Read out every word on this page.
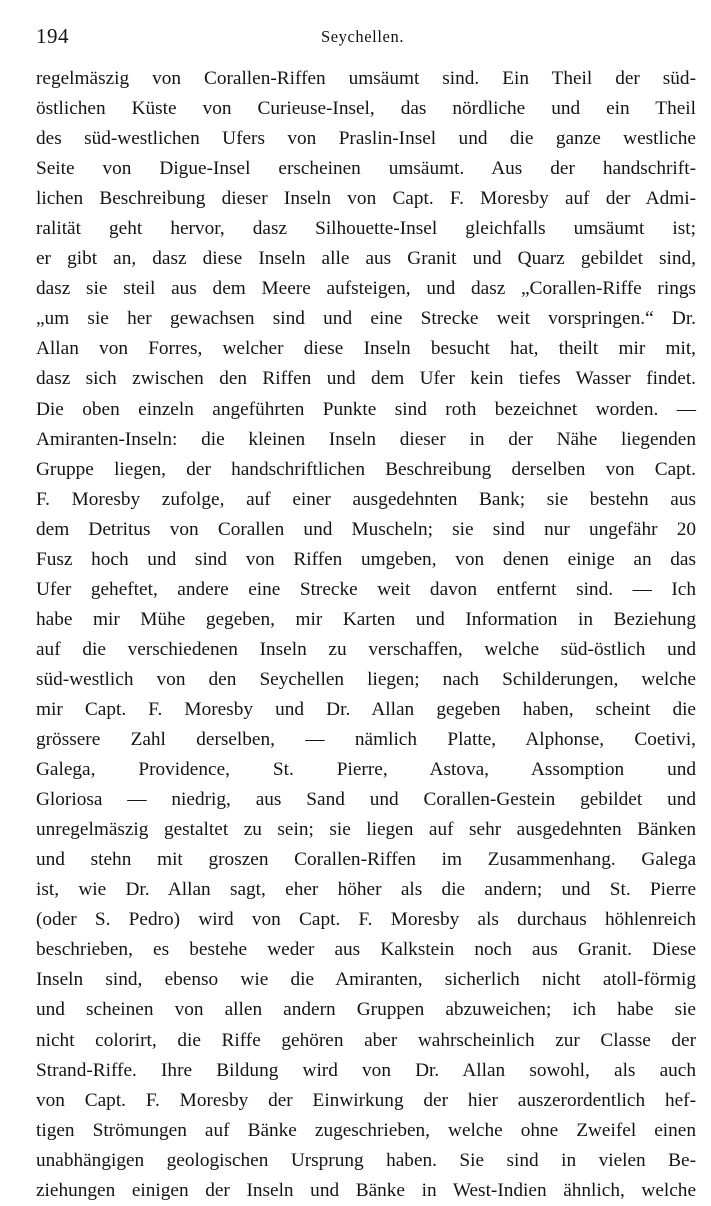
194	Seychellen.
regelmäszig von Corallen-Riffen umsäumt sind. Ein Theil der süd-
östlichen Küste von Curieuse-Insel, das nördliche und ein Theil
des süd-westlichen Ufers von Praslin-Insel und die ganze westliche
Seite von Digue-Insel erscheinen umsäumt. Aus der handschrift-
lichen Beschreibung dieser Inseln von Capt. F. Moresby auf der Admi-
ralität geht hervor, dasz Silhouette-Insel gleichfalls umsäumt ist;
er gibt an, dasz diese Inseln alle aus Granit und Quarz gebildet sind,
dasz sie steil aus dem Meere aufsteigen, und dasz „Corallen-Riffe rings
„um sie her gewachsen sind und eine Strecke weit vorspringen.“ Dr.
Allan von Forres, welcher diese Inseln besucht hat, theilt mir mit,
dasz sich zwischen den Riffen und dem Ufer kein tiefes Wasser findet.
Die oben einzeln angeführten Punkte sind roth bezeichnet worden. —
Amiranten-Inseln: die kleinen Inseln dieser in der Nähe liegenden
Gruppe liegen, der handschriftlichen Beschreibung derselben von Capt.
F. Moresby zufolge, auf einer ausgedehnten Bank; sie bestehn aus
dem Detritus von Corallen und Muscheln; sie sind nur ungefähr 20
Fusz hoch und sind von Riffen umgeben, von denen einige an das
Ufer geheftet, andere eine Strecke weit davon entfernt sind. — Ich
habe mir Mühe gegeben, mir Karten und Information in Beziehung
auf die verschiedenen Inseln zu verschaffen, welche süd-östlich und
süd-westlich von den Seychellen liegen; nach Schilderungen, welche
mir Capt. F. Moresby und Dr. Allan gegeben haben, scheint die
grössere Zahl derselben, — nämlich Platte, Alphonse, Coetivi,
Galega, Providence, St. Pierre, Astova, Assomption und
Gloriosa — niedrig, aus Sand und Corallen-Gestein gebildet und
unregelmäszig gestaltet zu sein; sie liegen auf sehr ausgedehnten Bänken
und stehn mit groszen Corallen-Riffen im Zusammenhang. Galega
ist, wie Dr. Allan sagt, eher höher als die andern; und St. Pierre
(oder S. Pedro) wird von Capt. F. Moresby als durchaus höhlenreich
beschrieben, es bestehe weder aus Kalkstein noch aus Granit. Diese
Inseln sind, ebenso wie die Amiranten, sicherlich nicht atoll-förmig
und scheinen von allen andern Gruppen abzuweichen; ich habe sie
nicht colorirt, die Riffe gehören aber wahrscheinlich zur Classe der
Strand-Riffe. Ihre Bildung wird von Dr. Allan sowohl, als auch
von Capt. F. Moresby der Einwirkung der hier auszerordentlich hef-
tigen Strömungen auf Bänke zugeschrieben, welche ohne Zweifel einen
unabhängigen geologischen Ursprung haben. Sie sind in vielen Be-
ziehungen einigen der Inseln und Bänke in West-Indien ähnlich, welche
